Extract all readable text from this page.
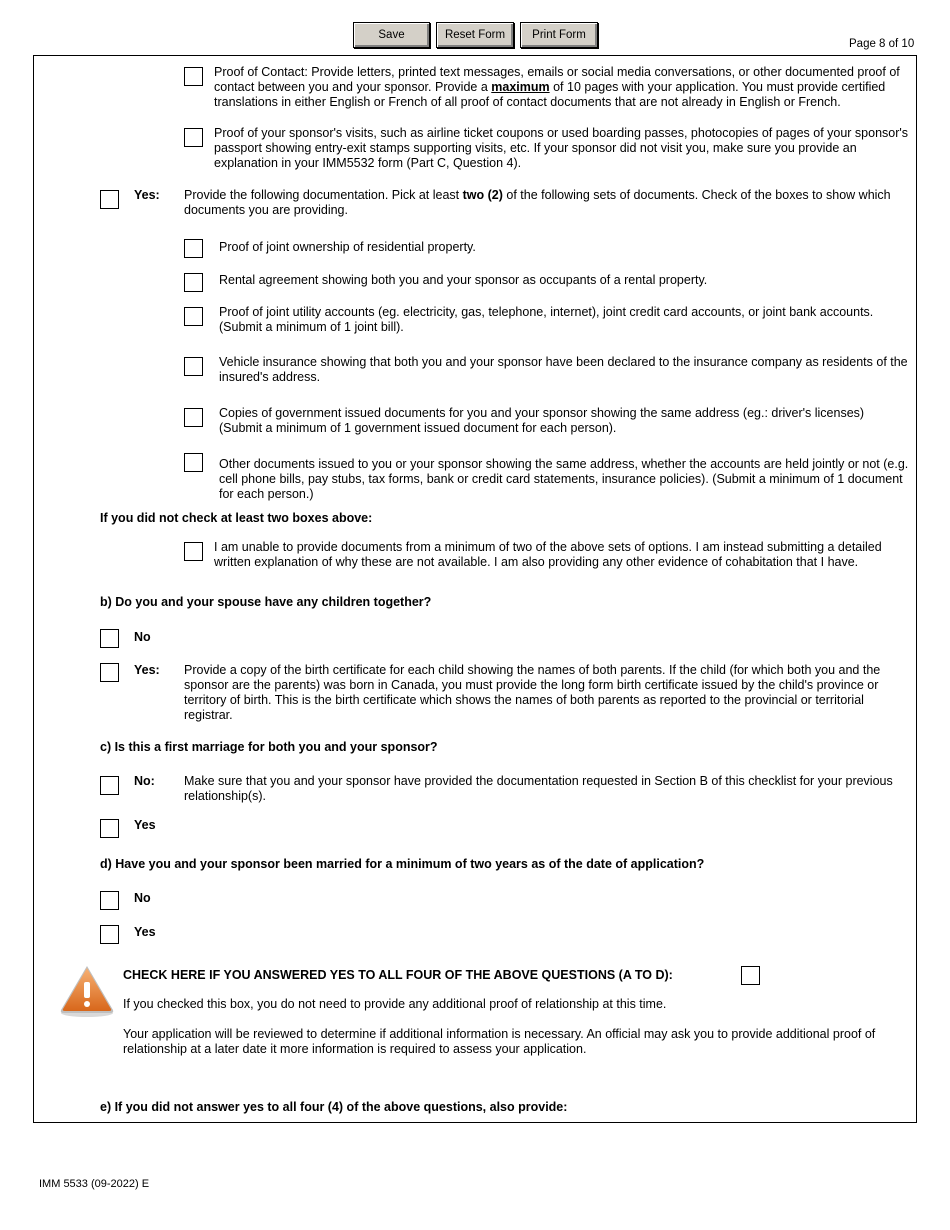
Save	Reset Form	Print Form
Page 8 of 10
Proof of Contact: Provide letters, printed text messages, emails or social media conversations, or other documented proof of contact between you and your sponsor. Provide a maximum of 10 pages with your application. You must provide certified translations in either English or French of all proof of contact documents that are not already in English or French.
Proof of your sponsor's visits, such as airline ticket coupons or used boarding passes, photocopies of pages of your sponsor's passport showing entry-exit stamps supporting visits, etc. If your sponsor did not visit you, make sure you provide an explanation in your IMM5532 form (Part C, Question 4).
Yes: Provide the following documentation. Pick at least two (2) of the following sets of documents. Check of the boxes to show which documents you are providing.
Proof of joint ownership of residential property.
Rental agreement showing both you and your sponsor as occupants of a rental property.
Proof of joint utility accounts (eg. electricity, gas, telephone, internet), joint credit card accounts, or joint bank accounts. (Submit a minimum of 1 joint bill).
Vehicle insurance showing that both you and your sponsor have been declared to the insurance company as residents of the insured's address.
Copies of government issued documents for you and your sponsor showing the same address (eg.: driver's licenses) (Submit a minimum of 1 government issued document for each person).
Other documents issued to you or your sponsor showing the same address, whether the accounts are held jointly or not (e.g. cell phone bills, pay stubs, tax forms, bank or credit card statements, insurance policies). (Submit a minimum of 1 document for each person.)
If you did not check at least two boxes above:
I am unable to provide documents from a minimum of two of the above sets of options. I am instead submitting a detailed written explanation of why these are not available. I am also providing any other evidence of cohabitation that I have.
b) Do you and your spouse have any children together?
No
Yes: Provide a copy of the birth certificate for each child showing the names of both parents. If the child (for which both you and the sponsor are the parents) was born in Canada, you must provide the long form birth certificate issued by the child's province or territory of birth. This is the birth certificate which shows the names of both parents as reported to the provincial or territorial registrar.
c) Is this a first marriage for both you and your sponsor?
No: Make sure that you and your sponsor have provided the documentation requested in Section B of this checklist for your previous relationship(s).
Yes
d) Have you and your sponsor been married for a minimum of two years as of the date of application?
No
Yes
CHECK HERE IF YOU ANSWERED YES TO ALL FOUR OF THE ABOVE QUESTIONS (A TO D):
If you checked this box, you do not need to provide any additional proof of relationship at this time.
Your application will be reviewed to determine if additional information is necessary. An official may ask you to provide additional proof of relationship at a later date it more information is required to assess your application.
e) If you did not answer yes to all four (4) of the above questions, also provide:
IMM 5533 (09-2022) E
